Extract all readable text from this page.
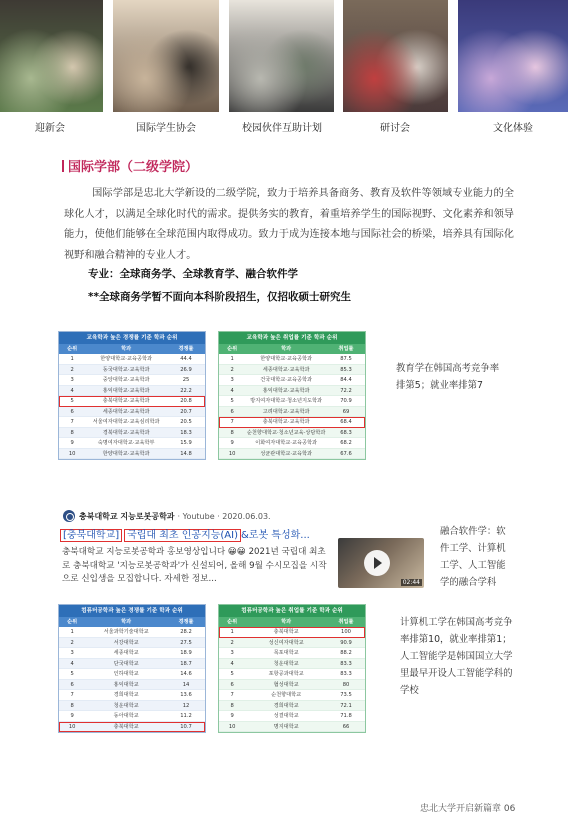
迎新会	国际学生协会	校园伙伴互助计划	研讨会	文化体验
国际学部（二级学院）
国际学部是忠北大学新设的二级学院，致力于培养具备商务、教育及软件等领域专业能力的全球化人才，以满足全球化时代的需求。提供务实的教育，着重培养学生的国际视野、文化素养和领导能力，使他们能够在全球范围内取得成功。致力于成为连接本地与国际社会的桥梁，培养具有国际化视野和融合精神的专业人才。
专业：全球商务学、全球教育学、融合软件学
**全球商务学暂不面向本科阶段招生，仅招收硕士研究生
교육학과 높은 경쟁률 기준 학과 순위
순위	학과	경쟁률
1	한양대학교·교육공학과	44.4
2	동국대학교·교육학과	26.9
3	중앙대학교·교육학과	25
4	홍익대학교·교육학과	22.2
5	충북대학교·교육학과	20.8
6	세종대학교·교육학과	20.7
7	서울여자대학교·교육심리학과	20.5
8	경북대학교·교육학과	18.3
9	숙명여자대학교·교육학부	15.9
10	한양대학교·교육학과	14.8
교육학과 높은 취업률 기준 학과 순위
순위	학과	취업률
1	한양대학교·교육공학과	87.5
2	세종대학교·교육학과	85.3
3	건국대학교·교육공학과	84.4
4	홍익대학교·교육학과	72.2
5	방지여자대학교·청소년지도학과	70.9
6	고려대학교·교육학과	69
7	충북대학교·교육학과	68.4
8	순천향대학교·청소년교육·상담학과	68.3
9	이화여자대학교·교육공학과	68.2
10	성균관대학교·교육학과	67.6
教育学在韩国高考竞争率
排第5；就业率排第7
충북대학교 지능로봇공학과 · Youtube · 2020.06.03.
[충북대학교] 국립대 최초 인공지능(AI) &로봇 특성화...
충북대학교 지능로봇공학과 홍보영상입니다 😀😀 2021년 국립대 최초로 충북대학교 '지능로봇공학과'가 신설되어, 올해 9월 수시모집을 시작으로 신입생을 모집합니다. 자세한 정보...	02:44
融合软件学：软
件工学、计算机
工学、人工智能
学的融合学科
컴퓨터공학과 높은 경쟁률 기준 학과 순위
순위	학과	경쟁률
1	서울과학기술대학교	28.2
2	서강대학교	27.5
3	세종대학교	18.9
4	단국대학교	18.7
5	인하대학교	14.6
6	홍익대학교	14
7	경희대학교	13.6
8	청운대학교	12
9	동아대학교	11.2
10	충북대학교	10.7
컴퓨터공학과 높은 취업률 기준 학과 순위
순위	학과	취업률
1	충북대학교	100
2	성신여자대학교	90.9
3	목포대학교	88.2
4	청운대학교	83.3
5	포항공과대학교	83.3
6	협성대학교	80
7	순천향대학교	73.5
8	경희대학교	72.1
9	성결대학교	71.8
10	명지대학교	66
计算机工学在韩国高考竞争
率排第10，就业率排第1；
人工智能学是韩国国立大学
里最早开设人工智能学科的
学校
忠北大学开启新篇章 06
